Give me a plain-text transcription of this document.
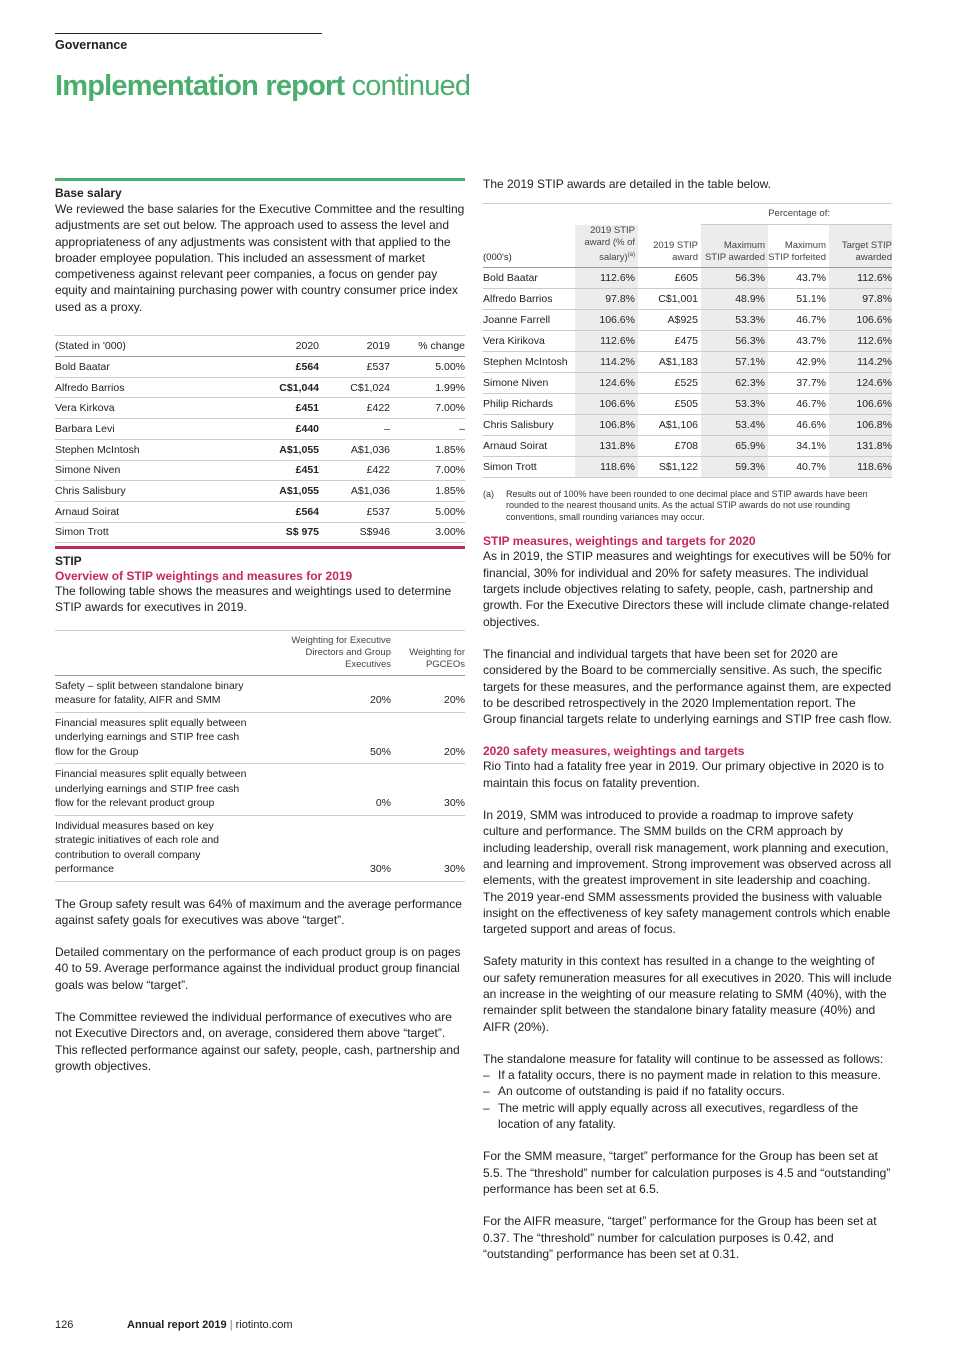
Governance
Implementation report continued
Base salary

We reviewed the base salaries for the Executive Committee and the resulting adjustments are set out below. The approach used to assess the level and appropriateness of any adjustments was consistent with that applied to the broader employee population. This included an assessment of market competiveness against relevant peer companies, a focus on gender pay equity and maintaining purchasing power with country consumer price index used as a proxy.

(Stated in '000)	2020	2019	% change
Bold Baatar	£564	£537	5.00%
Alfredo Barrios	C$1,044	C$1,024	1.99%
Vera Kirkova	£451	£422	7.00%
Barbara Levi	£440	–	–
Stephen McIntosh	A$1,055	A$1,036	1.85%
Simone Niven	£451	£422	7.00%
Chris Salisbury	A$1,055	A$1,036	1.85%
Arnaud Soirat	£564	£537	5.00%
Simon Trott	S$ 975	S$946	3.00%
STIP
Overview of STIP weightings and measures for 2019

The following table shows the measures and weightings used to determine STIP awards for executives in 2019.

	Weighting for Executive Directors and Group Executives	Weighting for PGCEOs
Safety – split between standalone binary measure for fatality, AIFR and SMM	20%	20%
Financial measures split equally between underlying earnings and STIP free cash flow for the Group	50%	20%
Financial measures split equally between underlying earnings and STIP free cash flow for the relevant product group	0%	30%
Individual measures based on key strategic initiatives of each role and contribution to overall company performance	30%	30%

The Group safety result was 64% of maximum and the average performance against safety goals for executives was above “target”.

Detailed commentary on the performance of each product group is on pages 40 to 59. Average performance against the individual product group financial goals was below “target”.

The Committee reviewed the individual performance of executives who are not Executive Directors and, on average, considered them above “target”. This reflected performance against our safety, people, cash, partnership and growth objectives.

The 2019 STIP awards are detailed in the table below.

			Percentage of:		
(000's)	2019 STIP award (% of salary)$^{(a)}$	2019 STIP award	Maximum STIP awarded	Maximum STIP forfeited	Target STIP awarded
Bold Baatar	112.6%	£605	56.3%	43.7%	112.6%
Alfredo Barrios	97.8%	C$1,001	48.9%	51.1%	97.8%
Joanne Farrell	106.6%	A$925	53.3%	46.7%	106.6%
Vera Kirikova	112.6%	£475	56.3%	43.7%	112.6%
Stephen McIntosh	114.2%	A$1,183	57.1%	42.9%	114.2%
Simone Niven	124.6%	£525	62.3%	37.7%	124.6%
Philip Richards	106.6%	£505	53.3%	46.7%	106.6%
Chris Salisbury	106.8%	A$1,106	53.4%	46.6%	106.8%
Arnaud Soirat	131.8%	£708	65.9%	34.1%	131.8%
Simon Trott	118.6%	S$1,122	59.3%	40.7%	118.6%
(a)	Results out of 100% have been rounded to one decimal place and STIP awards have been rounded to the nearest thousand units. As the actual STIP awards do not use rounding conventions, small rounding variances may occur.
STIP measures, weightings and targets for 2020

As in 2019, the STIP measures and weightings for executives will be 50% for financial, 30% for individual and 20% for safety measures. The individual targets include objectives relating to safety, people, cash, partnership and growth. For the Executive Directors these will include climate change-related objectives.

The financial and individual targets that have been set for 2020 are considered by the Board to be commercially sensitive. As such, the specific targets for these measures, and the performance against them, are expected to be described retrospectively in the 2020 Implementation report. The Group financial targets relate to underlying earnings and STIP free cash flow.

2020 safety measures, weightings and targets

Rio Tinto had a fatality free year in 2019. Our primary objective in 2020 is to maintain this focus on fatality prevention.

In 2019, SMM was introduced to provide a roadmap to improve safety culture and performance. The SMM builds on the CRM approach by including leadership, overall risk management, work planning and execution, and learning and improvement. Strong improvement was observed across all elements, with the greatest improvement in site leadership and coaching. The 2019 year-end SMM assessments provided the business with valuable insight on the effectiveness of key safety management controls which enable targeted support and areas of focus.

Safety maturity in this context has resulted in a change to the weighting of our safety remuneration measures for all executives in 2020. This will include an increase in the weighting of our measure relating to SMM (40%), with the remainder split between the standalone binary fatality measure (40%) and AIFR (20%).

The standalone measure for fatality will continue to be assessed as follows:

– If a fatality occurs, there is no payment made in relation to this measure.
– An outcome of outstanding is paid if no fatality occurs.
– The metric will apply equally across all executives, regardless of the location of any fatality.

For the SMM measure, “target” performance for the Group has been set at 5.5. The “threshold” number for calculation purposes is 4.5 and “outstanding” performance has been set at 6.5.

For the AIFR measure, “target” performance for the Group has been set at 0.37. The “threshold” number for calculation purposes is 0.42, and “outstanding” performance has been set at 0.31.

126	Annual report 2019 | riotinto.com
